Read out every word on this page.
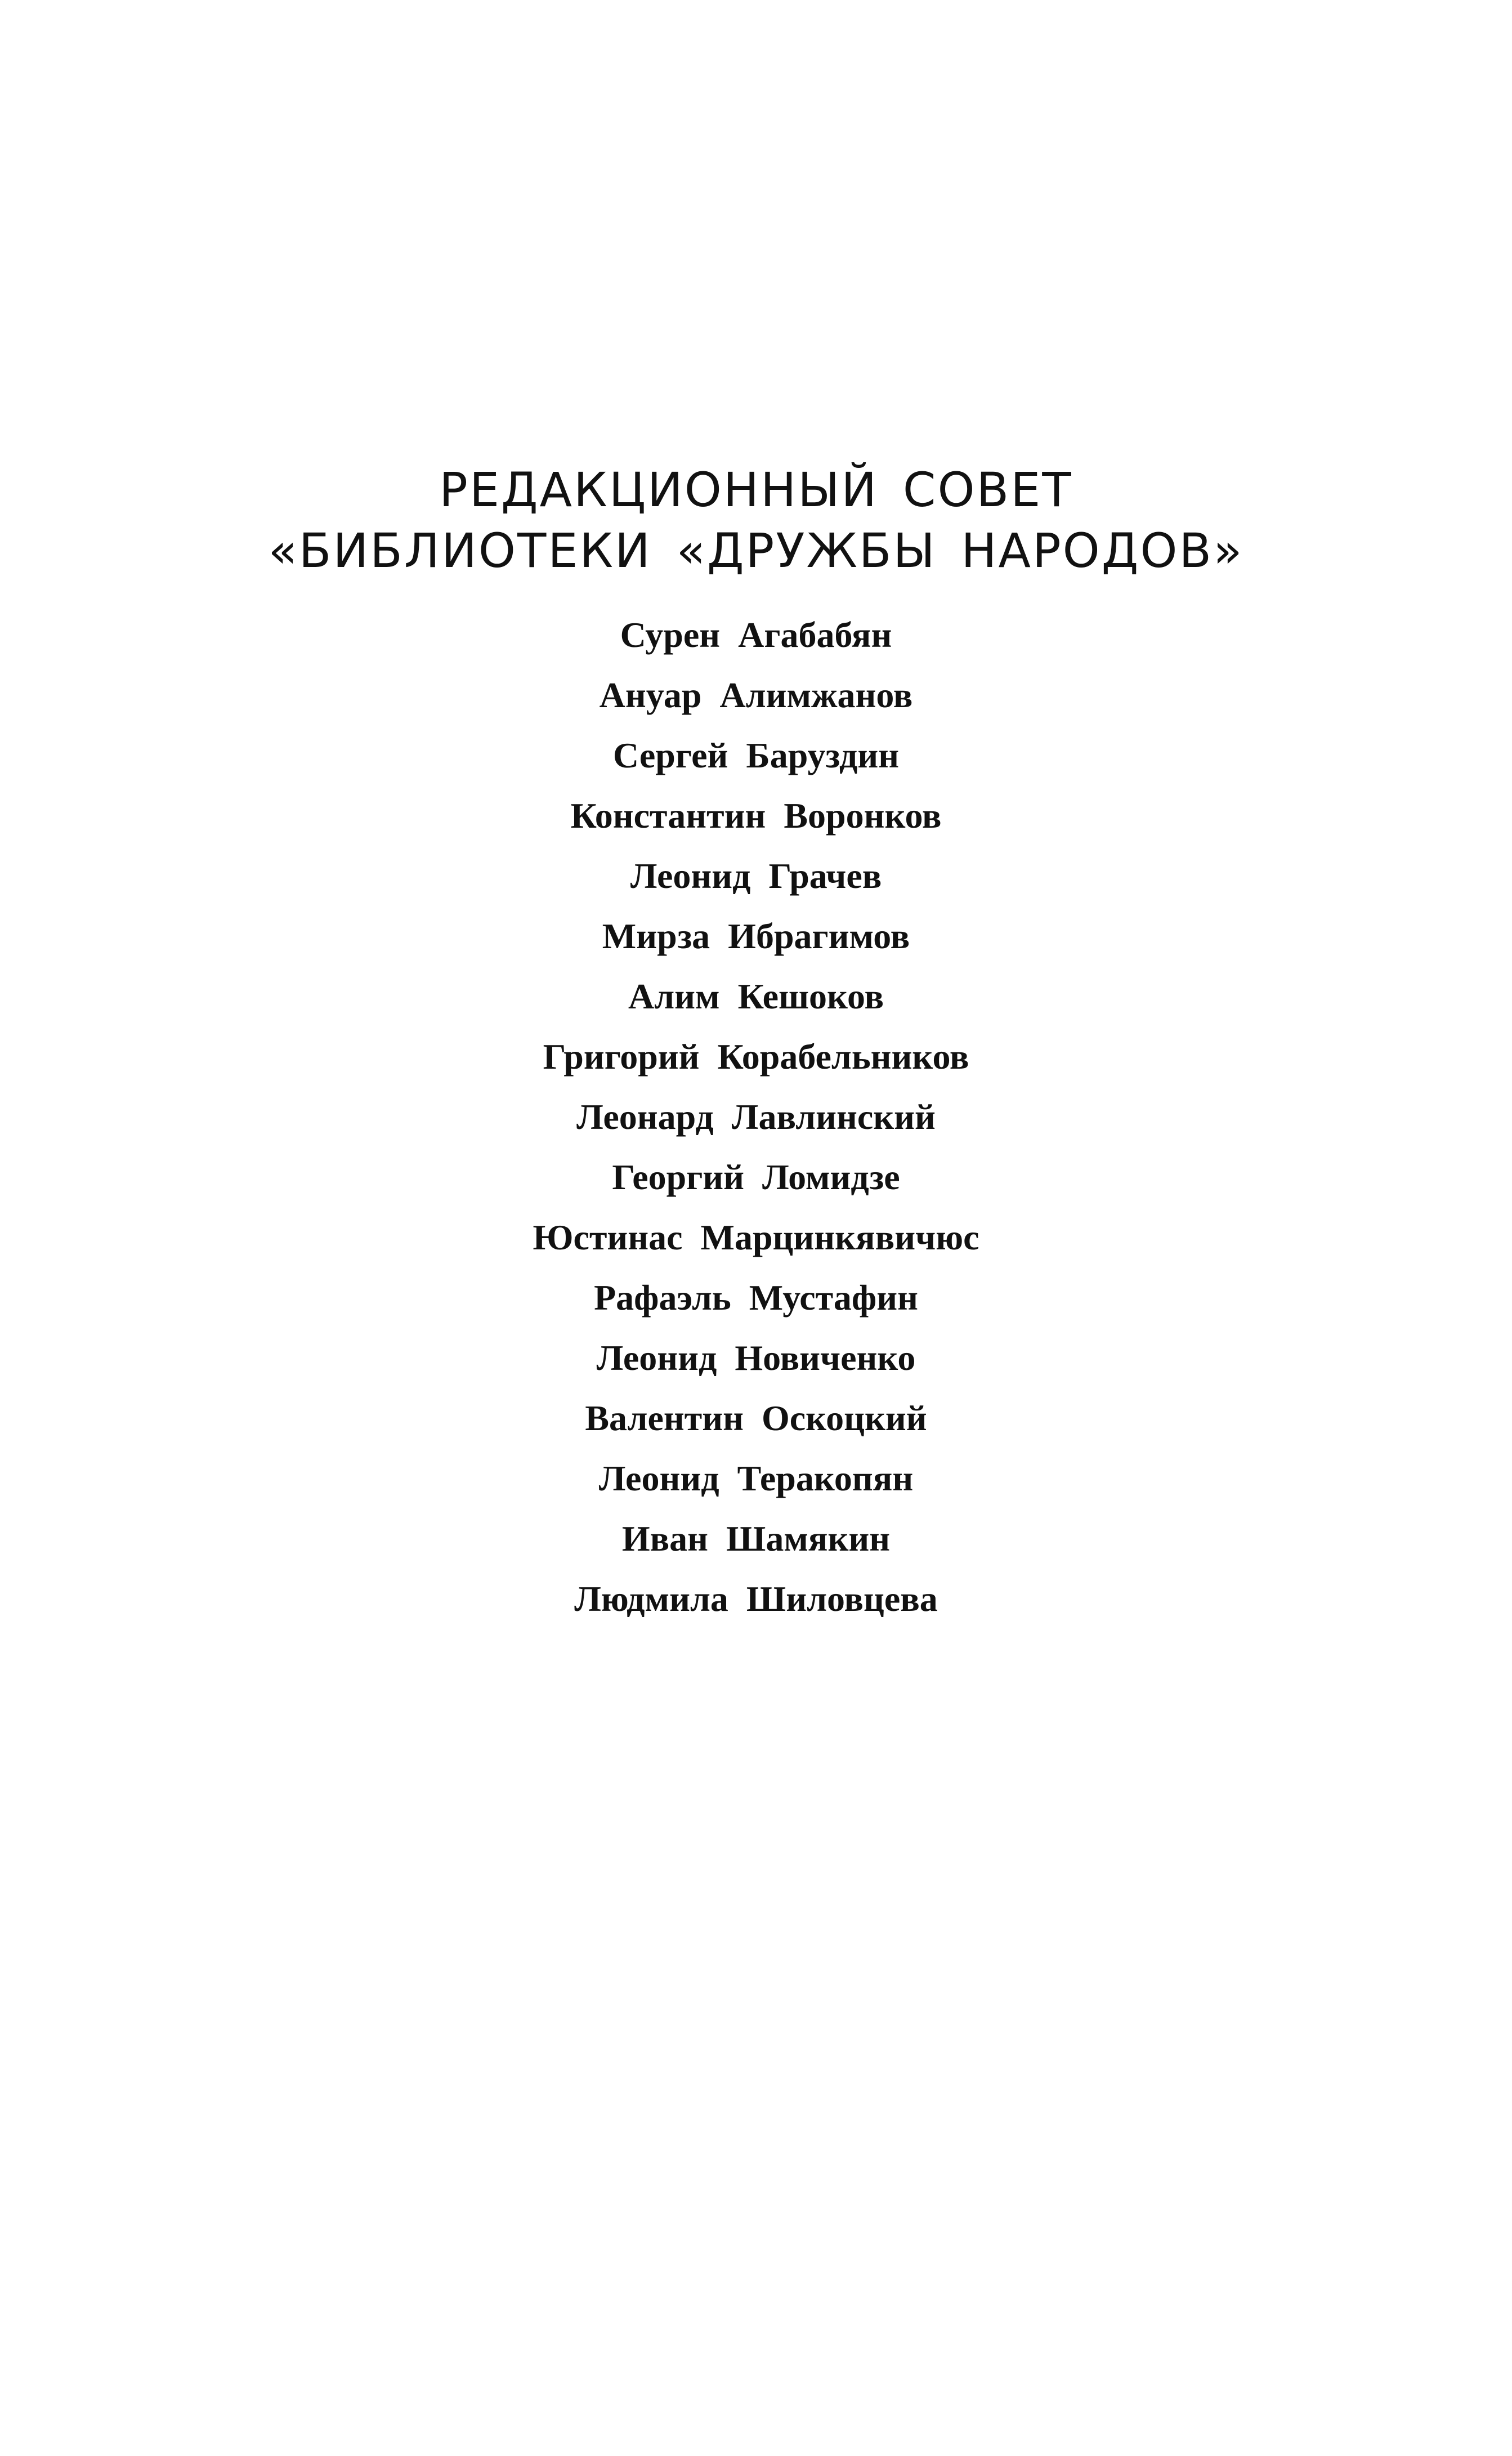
РЕДАКЦИОННЫЙ СОВЕТ
«БИБЛИОТЕКИ «ДРУЖБЫ НАРОДОВ»
Сурен Агабабян
Ануар Алимжанов
Сергей Баруздин
Константин Воронков
Леонид Грачев
Мирза Ибрагимов
Алим Кешоков
Григорий Корабельников
Леонард Лавлинский
Георгий Ломидзе
Юстинас Марцинкявичюс
Рафаэль Мустафин
Леонид Новиченко
Валентин Оскоцкий
Леонид Теракопян
Иван Шамякин
Людмила Шиловцева
